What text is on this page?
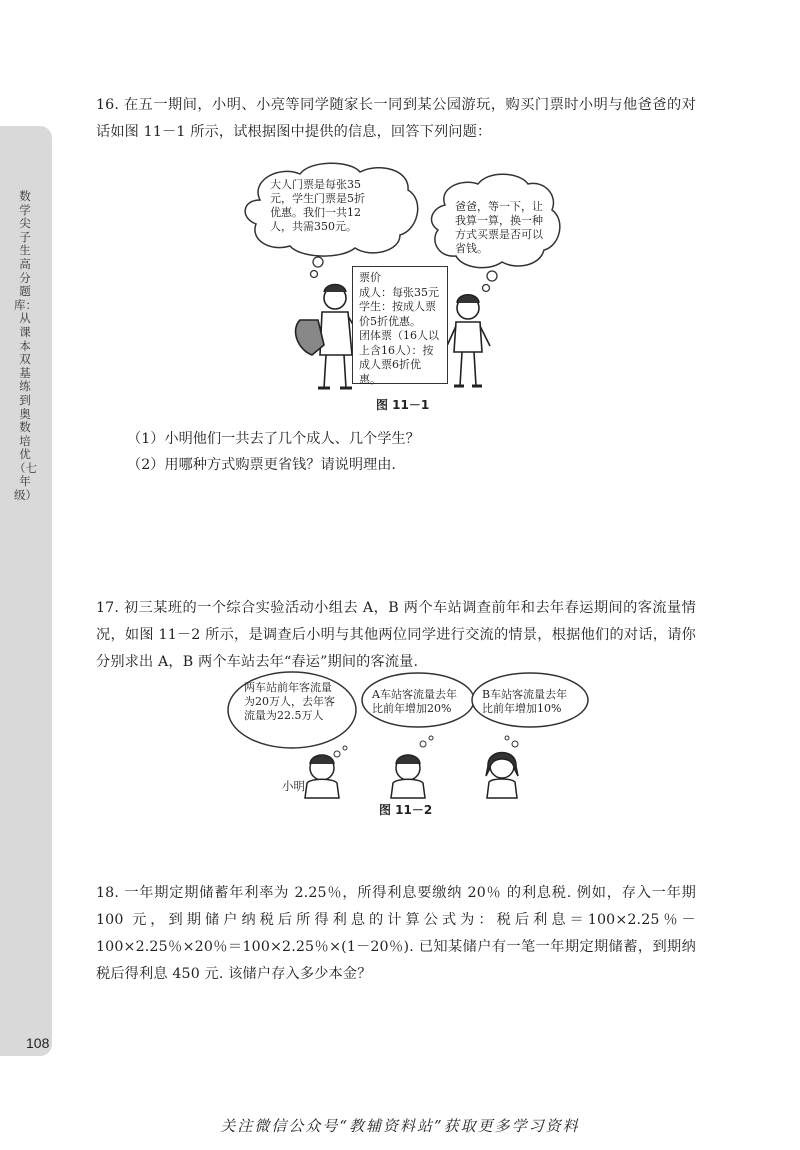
数学尖子生高分题库：从课本双基练到奥数培优（七年级）
108
16. 在五一期间，小明、小亮等同学随家长一同到某公园游玩，购买门票时小明与他爸爸的对话如图 11－1 所示，试根据图中提供的信息，回答下列问题：
大人门票是每张35元，学生门票是5折优惠。我们一共12人，共需350元。
爸爸，等一下，让我算一算，换一种方式买票是否可以省钱。
票价
成人：每张35元
学生：按成人票
价5折优惠。
团体票（16人以
上含16人）：按
成人票6折优惠。
图 11－1
（1）小明他们一共去了几个成人、几个学生？
（2）用哪种方式购票更省钱？请说明理由.
17. 初三某班的一个综合实验活动小组去 A，B 两个车站调查前年和去年春运期间的客流量情况，如图 11－2 所示，是调查后小明与其他两位同学进行交流的情景，根据他们的对话，请你分别求出 A，B 两个车站去年“春运”期间的客流量.
两车站前年客流量为20万人，去年客流量为22.5万人
A车站客流量去年比前年增加20%
B车站客流量去年比前年增加10%
小明
图 11－2
18. 一年期定期储蓄年利率为 2.25％，所得利息要缴纳 20％ 的利息税. 例如，存入一年期 100 元，到期储户纳税后所得利息的计算公式为：税后利息＝100×2.25％－100×2.25％×20％＝100×2.25％×(1－20％). 已知某储户有一笔一年期定期储蓄，到期纳税后得利息 450 元. 该储户存入多少本金？
关注微信公众号“教辅资料站”获取更多学习资料
